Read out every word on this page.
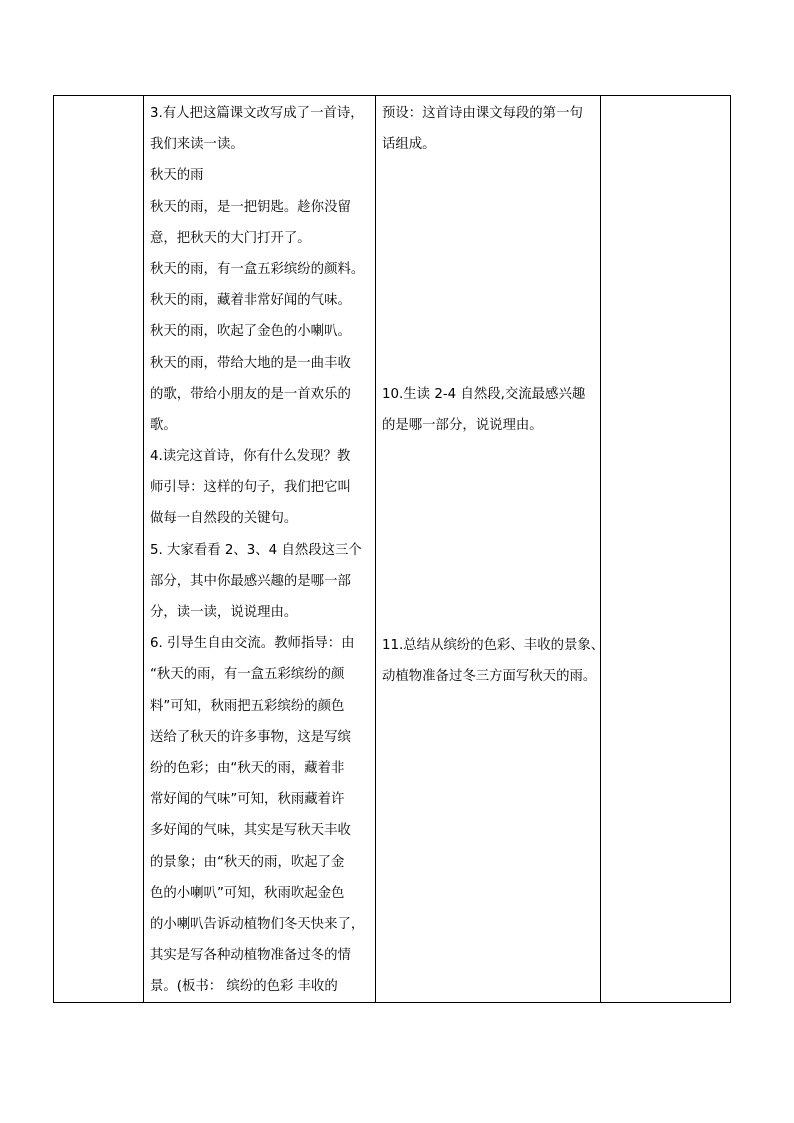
3.有人把这篇课文改写成了一首诗，
我们来读一读。
秋天的雨
秋天的雨，是一把钥匙。趁你没留
意，把秋天的大门打开了。
秋天的雨，有一盒五彩缤纷的颜料。
秋天的雨，藏着非常好闻的气味。
秋天的雨，吹起了金色的小喇叭。
秋天的雨，带给大地的是一曲丰收
的歌，带给小朋友的是一首欢乐的
歌。
4.读完这首诗，你有什么发现？教
师引导：这样的句子，我们把它叫
做每一自然段的关键句。
5. 大家看看 2、3、4 自然段这三个
部分，其中你最感兴趣的是哪一部
分，读一读，说说理由。
6. 引导生自由交流。教师指导：由
“秋天的雨，有一盒五彩缤纷的颜
料”可知，秋雨把五彩缤纷的颜色
送给了秋天的许多事物，这是写缤
纷的色彩；由“秋天的雨，藏着非
常好闻的气味”可知，秋雨藏着许
多好闻的气味，其实是写秋天丰收
的景象；由“秋天的雨，吹起了金
色的小喇叭”可知，秋雨吹起金色
的小喇叭告诉动植物们冬天快来了，
其实是写各种动植物准备过冬的情
景。(板书： 缤纷的色彩 丰收的

预设：这首诗由课文每段的第一句
话组成。
10.生读 2-4 自然段,交流最感兴趣
的是哪一部分，说说理由。
11.总结从缤纷的色彩、丰收的景象、
动植物准备过冬三方面写秋天的雨。
